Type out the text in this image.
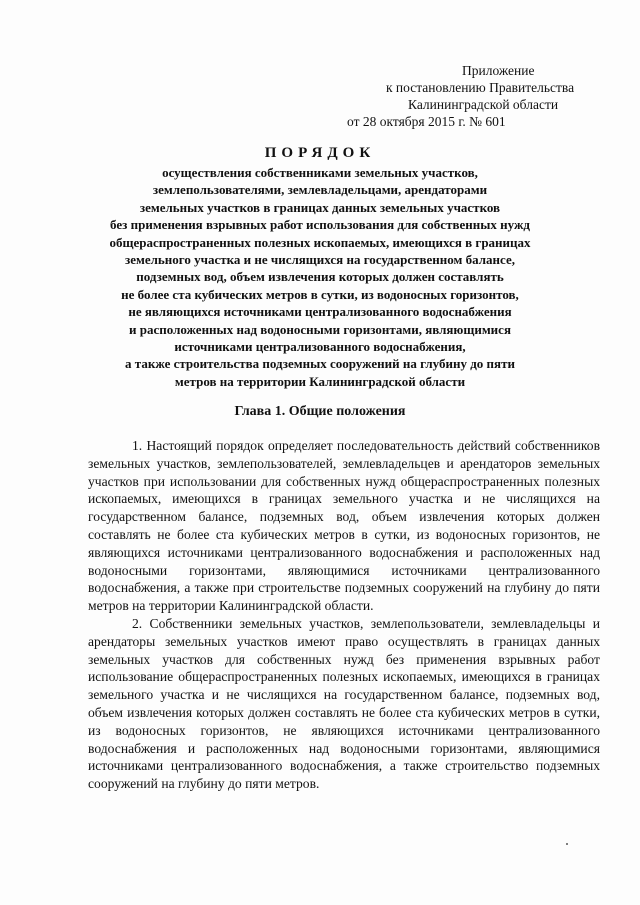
Приложение
к постановлению Правительства
Калининградской области
от 28 октября 2015 г. № 601
ПОРЯДОК
осуществления собственниками земельных участков,
землепользователями, землевладельцами, арендаторами
земельных участков в границах данных земельных участков
без применения взрывных работ использования для собственных нужд
общераспространенных полезных ископаемых, имеющихся в границах
земельного участка и не числящихся на государственном балансе,
подземных вод, объем извлечения которых должен составлять
не более ста кубических метров в сутки, из водоносных горизонтов,
не являющихся источниками централизованного водоснабжения
и расположенных над водоносными горизонтами, являющимися
источниками централизованного водоснабжения,
а также строительства подземных сооружений на глубину до пяти
метров на территории Калининградской области
Глава 1. Общие положения

1. Настоящий порядок определяет последовательность действий собственников земельных участков, землепользователей, землевладельцев и арендаторов земельных участков при использовании для собственных нужд общераспространенных полезных ископаемых, имеющихся в границах земельного участка и не числящихся на государственном балансе, подземных вод, объем извлечения которых должен составлять не более ста кубических метров в сутки, из водоносных горизонтов, не являющихся источниками централизованного водоснабжения и расположенных над водоносными горизонтами, являющимися источниками централизованного водоснабжения, а также при строительстве подземных сооружений на глубину до пяти метров на территории Калининградской области.

2. Собственники земельных участков, землепользователи, землевладельцы и арендаторы земельных участков имеют право осуществлять в границах данных земельных участков для собственных нужд без применения взрывных работ использование общераспространенных полезных ископаемых, имеющихся в границах земельного участка и не числящихся на государственном балансе, подземных вод, объем извлечения которых должен составлять не более ста кубических метров в сутки, из водоносных горизонтов, не являющихся источниками централизованного водоснабжения и расположенных над водоносными горизонтами, являющимися источниками централизованного водоснабжения, а также строительство подземных сооружений на глубину до пяти метров.
